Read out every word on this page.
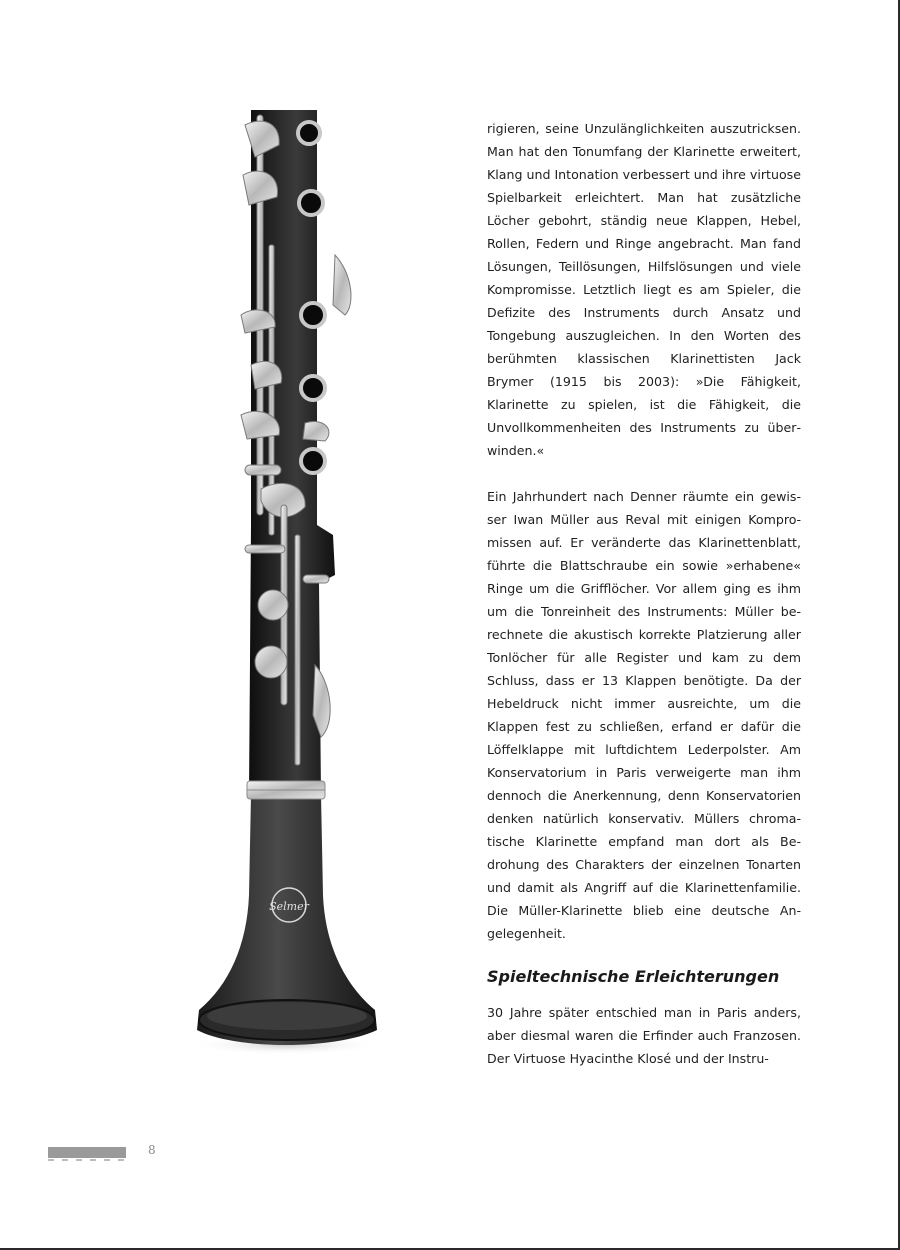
Selmer

rigieren, seine Unzulänglichkeiten auszutricksen. Man hat den Tonumfang der Klarinette erweitert, Klang und Intonation verbessert und ihre virtuose Spielbarkeit erleichtert. Man hat zusätzliche Löcher gebohrt, ständig neue Klappen, Hebel, Rollen, Federn und Ringe angebracht. Man fand Lösungen, Teillösungen, Hilfslösungen und viele Kompromisse. Letztlich liegt es am Spieler, die Defizite des Instruments durch Ansatz und Tongebung auszugleichen. In den Worten des berühmten klassischen Klarinettisten Jack Brymer (1915 bis 2003): »Die Fähigkeit, Klarinette zu spielen, ist die Fähigkeit, die Unvollkommenheiten des Instruments zu überwinden.«

Ein Jahrhundert nach Denner räumte ein gewisser Iwan Müller aus Reval mit einigen Kompromissen auf. Er veränderte das Klarinettenblatt, führte die Blattschraube ein sowie »erhabene« Ringe um die Grifflöcher. Vor allem ging es ihm um die Tonreinheit des Instruments: Müller berechnete die akustisch korrekte Platzierung aller Tonlöcher für alle Register und kam zu dem Schluss, dass er 13 Klappen benötigte. Da der Hebeldruck nicht immer ausreichte, um die Klappen fest zu schließen, erfand er dafür die Löffelklappe mit luftdichtem Lederpolster. Am Konservatorium in Paris verweigerte man ihm dennoch die Anerkennung, denn Konservatorien denken natürlich konservativ. Müllers chromatische Klarinette empfand man dort als Bedrohung des Charakters der einzelnen Tonarten und damit als Angriff auf die Klarinettenfamilie. Die Müller-Klarinette blieb eine deutsche Angelegenheit.

Spieltechnische Erleichterungen

30 Jahre später entschied man in Paris anders, aber diesmal waren die Erfinder auch Franzosen. Der Virtuose Hyacinthe Klosé und der Instru-

8
